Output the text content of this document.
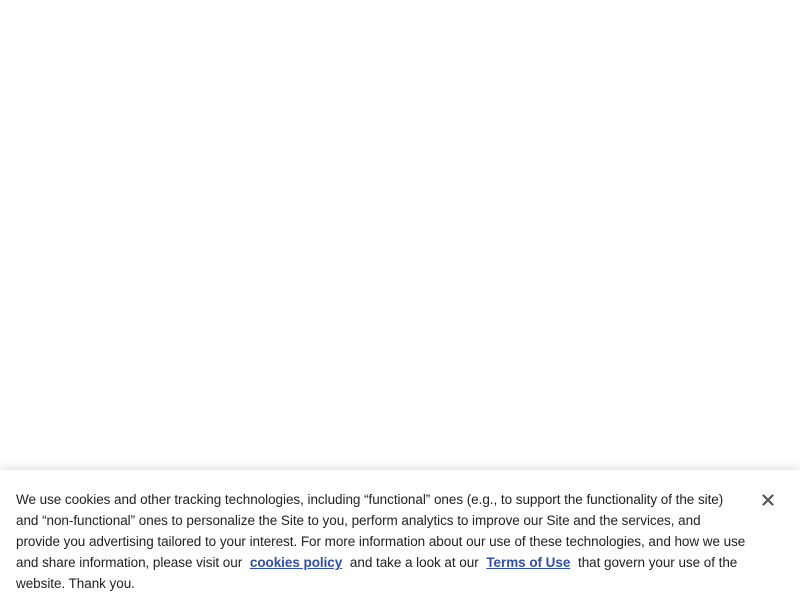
We use cookies and other tracking technologies, including “functional” ones (e.g., to support the functionality of the site) and “non-functional” ones to personalize the Site to you, perform analytics to improve our Site and the services, and provide you advertising tailored to your interest. For more information about our use of these technologies, and how we use and share information, please visit our cookies policy and take a look at our Terms of Use that govern your use of the website. Thank you.
